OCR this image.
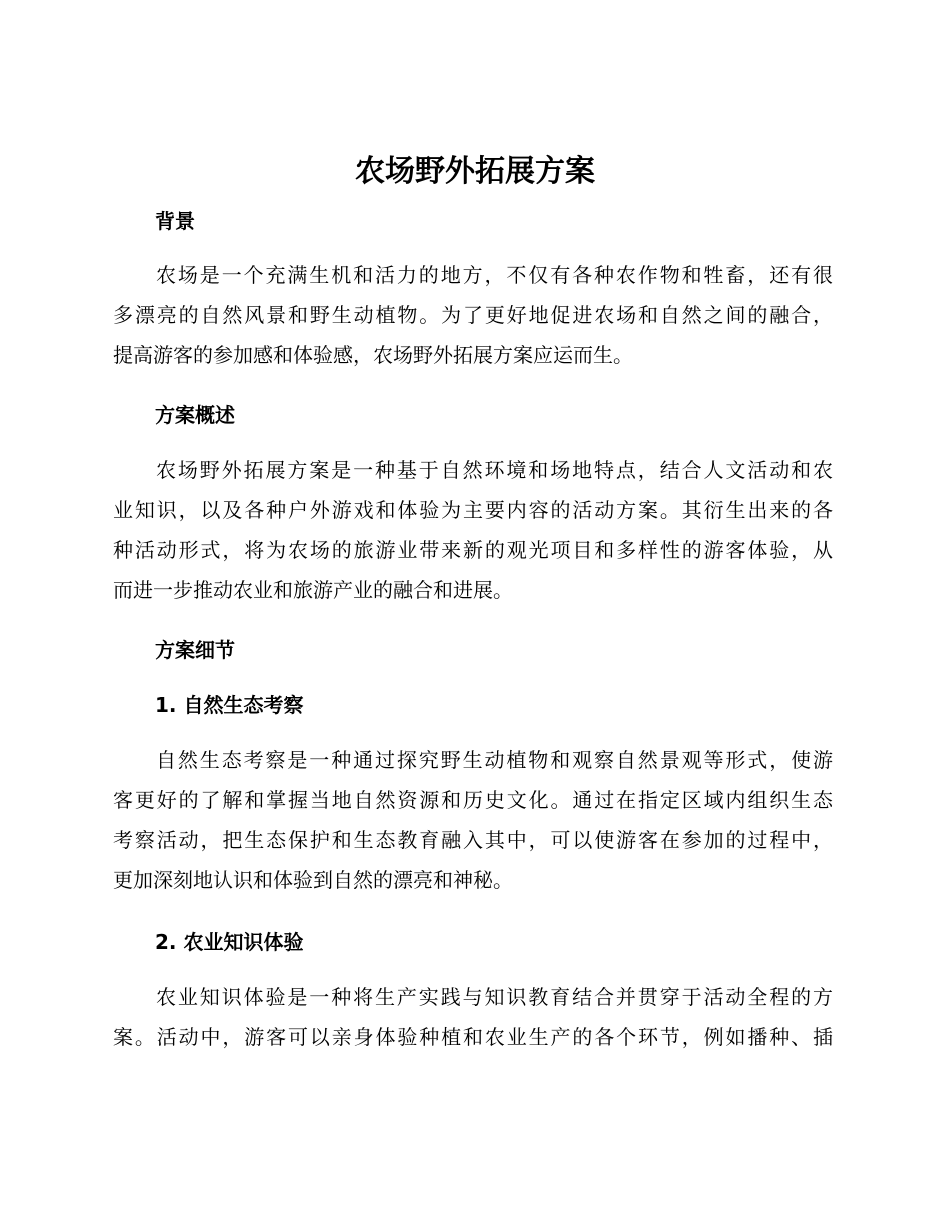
农场野外拓展方案
背景
农场是一个充满生机和活力的地方，不仅有各种农作物和牲畜，还有很
多漂亮的自然风景和野生动植物。为了更好地促进农场和自然之间的融合，
提高游客的参加感和体验感，农场野外拓展方案应运而生。
方案概述
农场野外拓展方案是一种基于自然环境和场地特点，结合人文活动和农
业知识，以及各种户外游戏和体验为主要内容的活动方案。其衍生出来的各
种活动形式，将为农场的旅游业带来新的观光项目和多样性的游客体验，从
而进一步推动农业和旅游产业的融合和进展。
方案细节
1. 自然生态考察
自然生态考察是一种通过探究野生动植物和观察自然景观等形式，使游
客更好的了解和掌握当地自然资源和历史文化。通过在指定区域内组织生态
考察活动，把生态保护和生态教育融入其中，可以使游客在参加的过程中，
更加深刻地认识和体验到自然的漂亮和神秘。
2. 农业知识体验
农业知识体验是一种将生产实践与知识教育结合并贯穿于活动全程的方
案。活动中，游客可以亲身体验种植和农业生产的各个环节，例如播种、插
